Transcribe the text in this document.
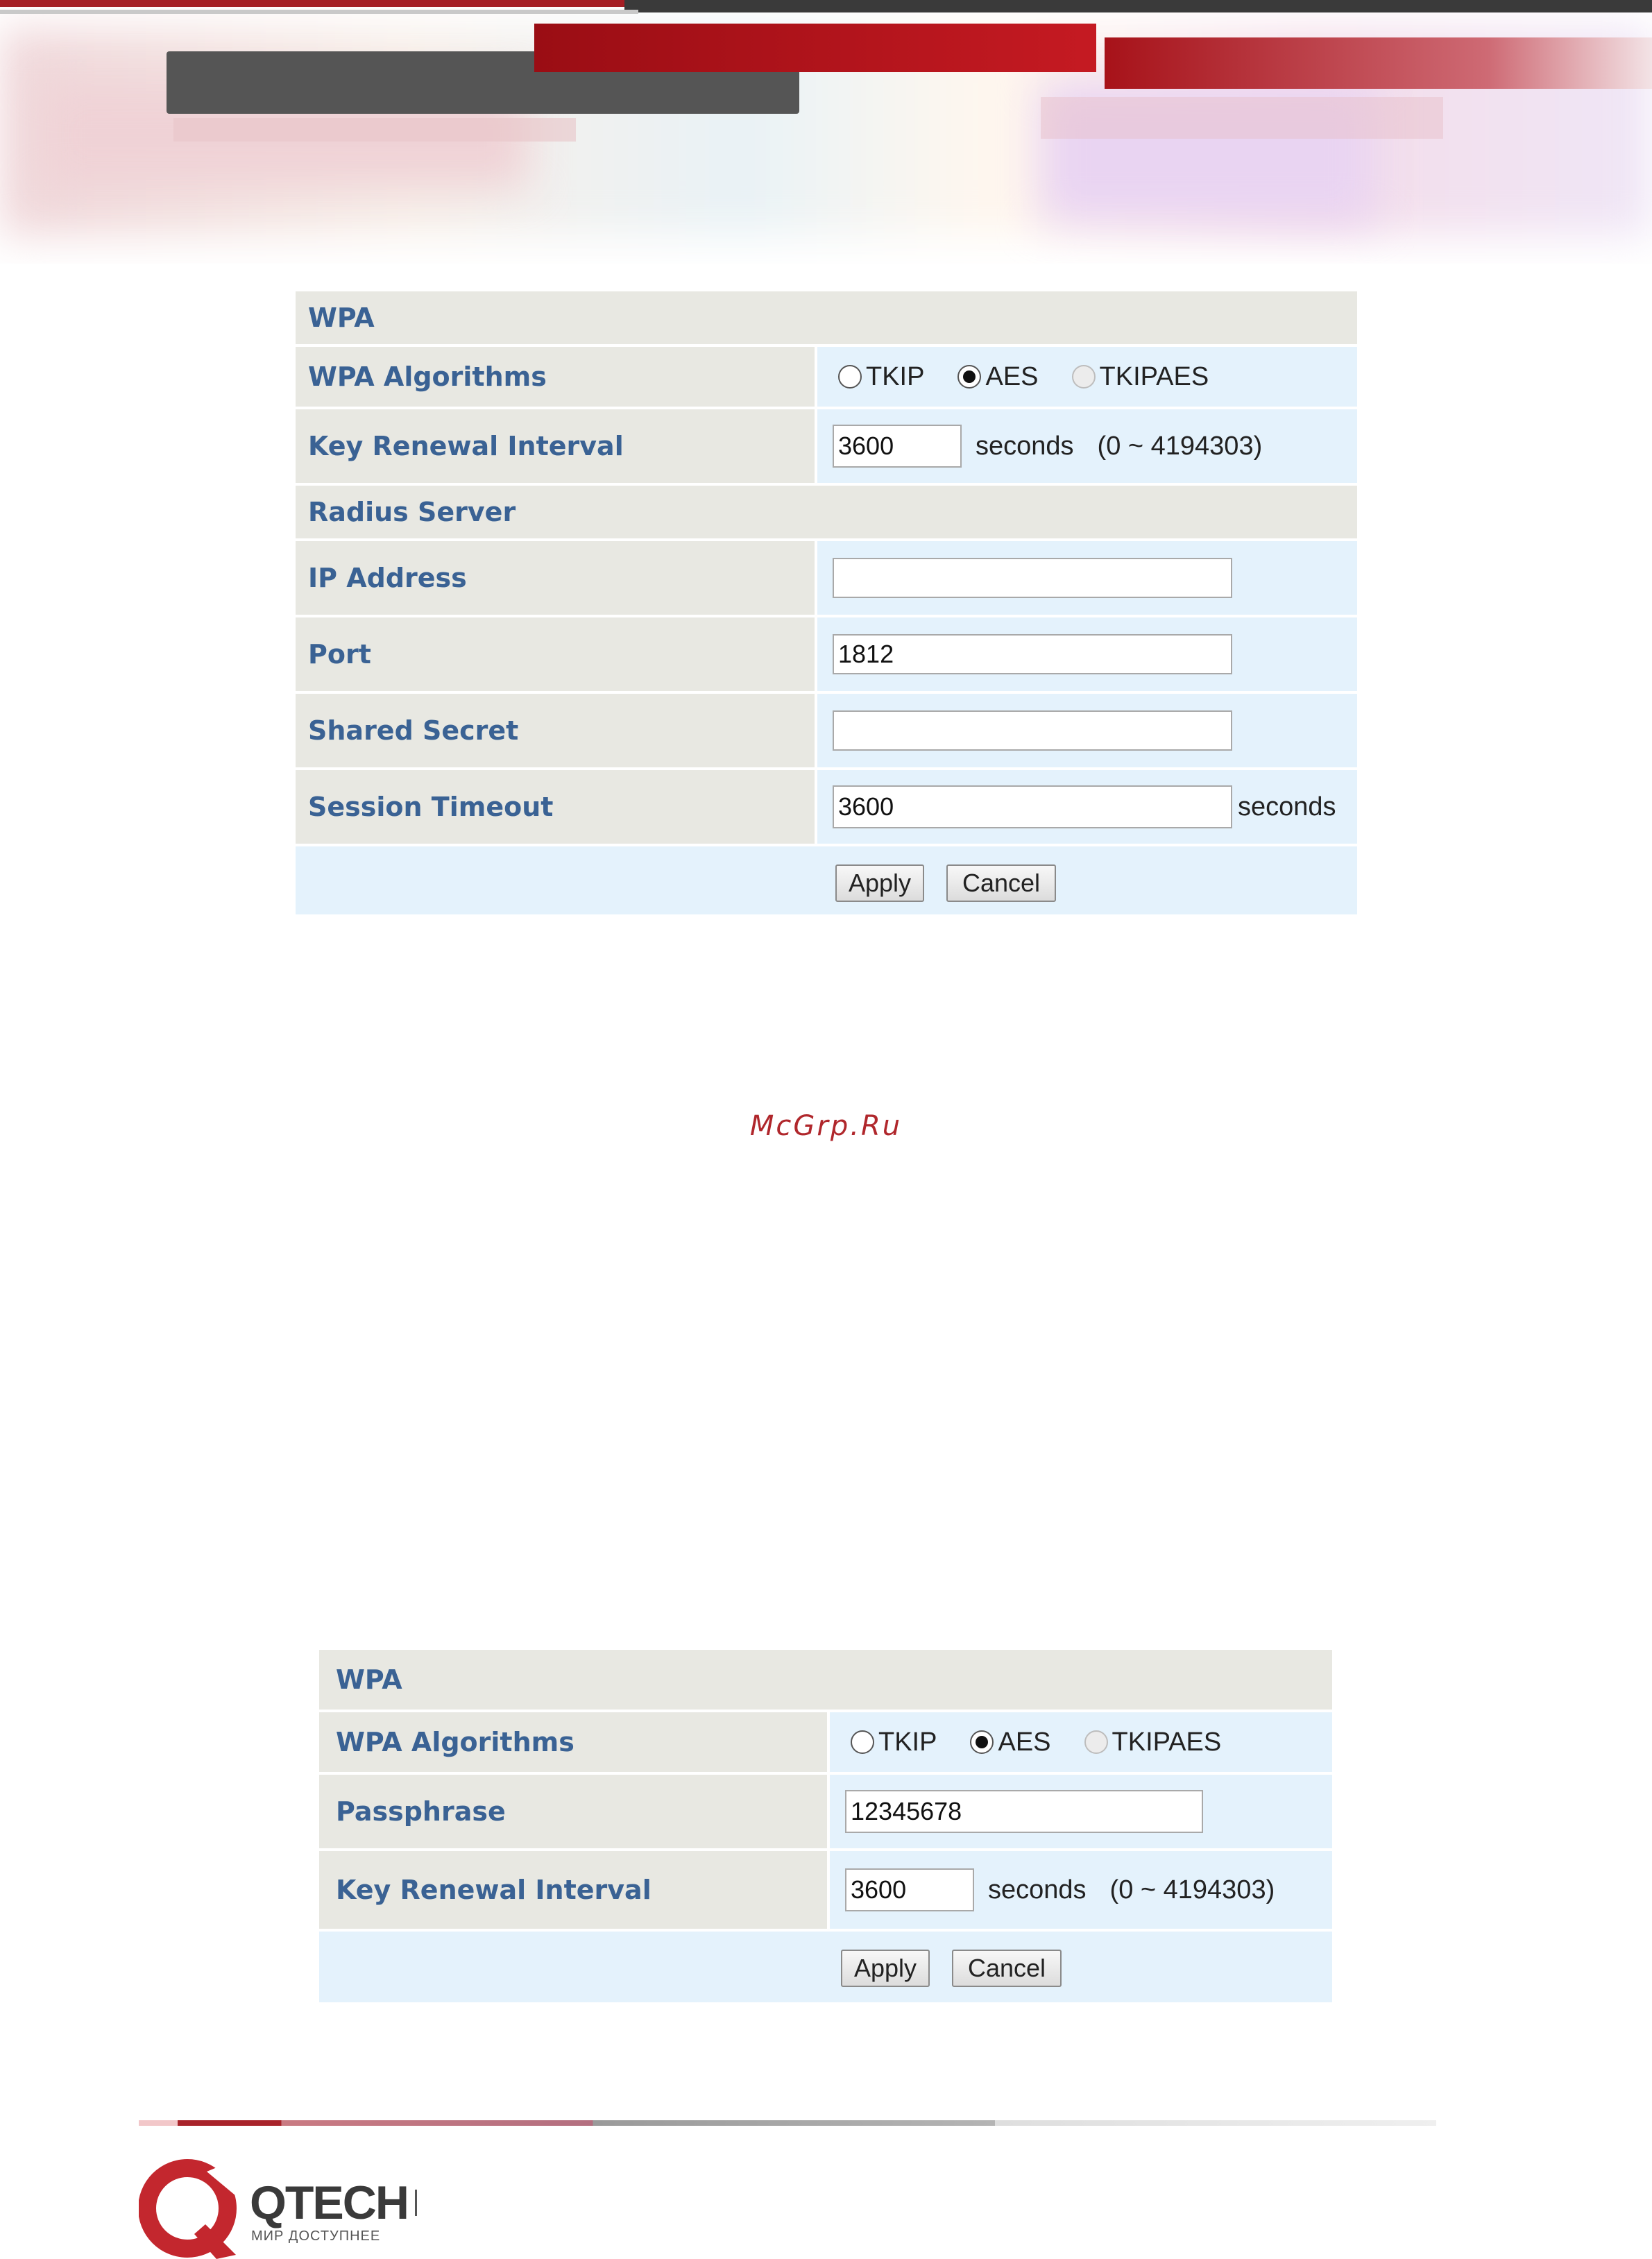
WPA
WPA Algorithms	TKIP AES TKIPAES
Key Renewal Interval	3600	seconds (0 ~ 4194303)
Radius Server
IP Address
Port	1812
Shared Secret
Session Timeout	3600	seconds
Apply	Cancel
McGrp.Ru
WPA
WPA Algorithms	TKIP AES TKIPAES
Passphrase	12345678
Key Renewal Interval	3600	seconds (0 ~ 4194303)
Apply	Cancel
QTECH
МИР ДОСТУПНЕЕ
